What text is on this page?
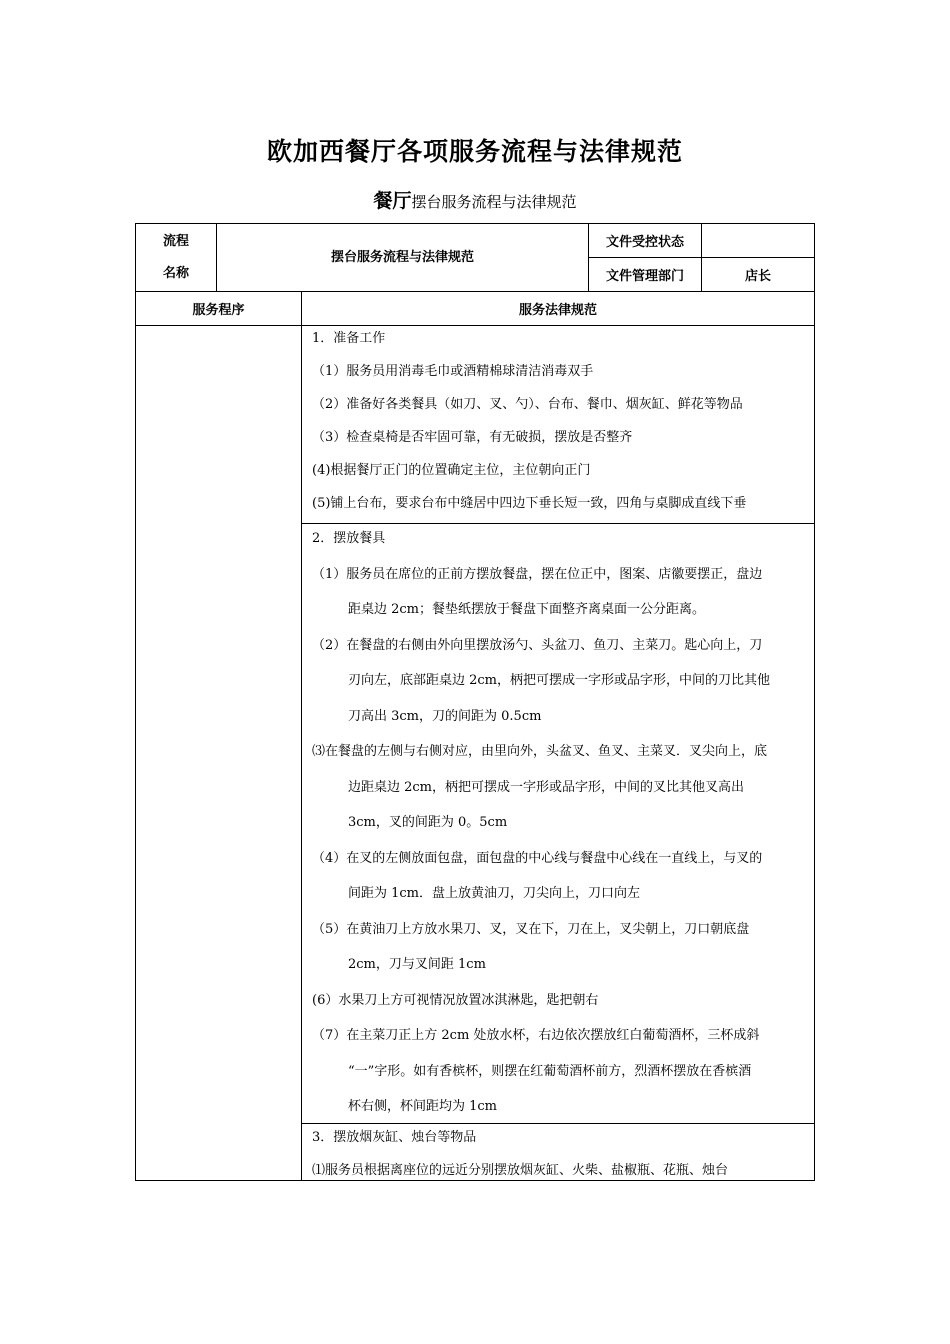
欧加西餐厅各项服务流程与法律规范
餐厅摆台服务流程与法律规范
流程
名称
摆台服务流程与法律规范
文件受控状态
文件管理部门	店长
服务程序	服务法律规范

1．准备工作

（1）服务员用消毒毛巾或酒精棉球清洁消毒双手

（2）准备好各类餐具（如刀、叉、勺）、台布、餐巾、烟灰缸、鲜花等物品

（3）检查桌椅是否牢固可靠，有无破损，摆放是否整齐

(4)根据餐厅正门的位置确定主位，主位朝向正门

(5)铺上台布，要求台布中缝居中四边下垂长短一致，四角与桌脚成直线下垂

2．摆放餐具

（1）服务员在席位的正前方摆放餐盘，摆在位正中，图案、店徽要摆正，盘边

距桌边 2cm；餐垫纸摆放于餐盘下面整齐离桌面一公分距离。

（2）在餐盘的右侧由外向里摆放汤勺、头盆刀、鱼刀、主菜刀。匙心向上，刀

刃向左，底部距桌边 2cm，柄把可摆成一字形或品字形，中间的刀比其他

刀高出 3cm，刀的间距为 0.5cm

⑶在餐盘的左侧与右侧对应，由里向外，头盆叉、鱼叉、主菜叉．叉尖向上，底

边距桌边 2cm，柄把可摆成一字形或品字形，中间的叉比其他叉高出

3cm，叉的间距为 0。5cm

（4）在叉的左侧放面包盘，面包盘的中心线与餐盘中心线在一直线上，与叉的

间距为 1cm．盘上放黄油刀，刀尖向上，刀口向左

（5）在黄油刀上方放水果刀、叉，叉在下，刀在上，叉尖朝上，刀口朝底盘

2cm，刀与叉间距 1cm

(6）水果刀上方可视情况放置冰淇淋匙，匙把朝右

（7）在主菜刀正上方 2cm 处放水杯，右边依次摆放红白葡萄酒杯，三杯成斜

“一”字形。如有香槟杯，则摆在红葡萄酒杯前方，烈酒杯摆放在香槟酒

杯右侧，杯间距均为 1cm

3．摆放烟灰缸、烛台等物品

⑴服务员根据离座位的远近分别摆放烟灰缸、火柴、盐椒瓶、花瓶、烛台
